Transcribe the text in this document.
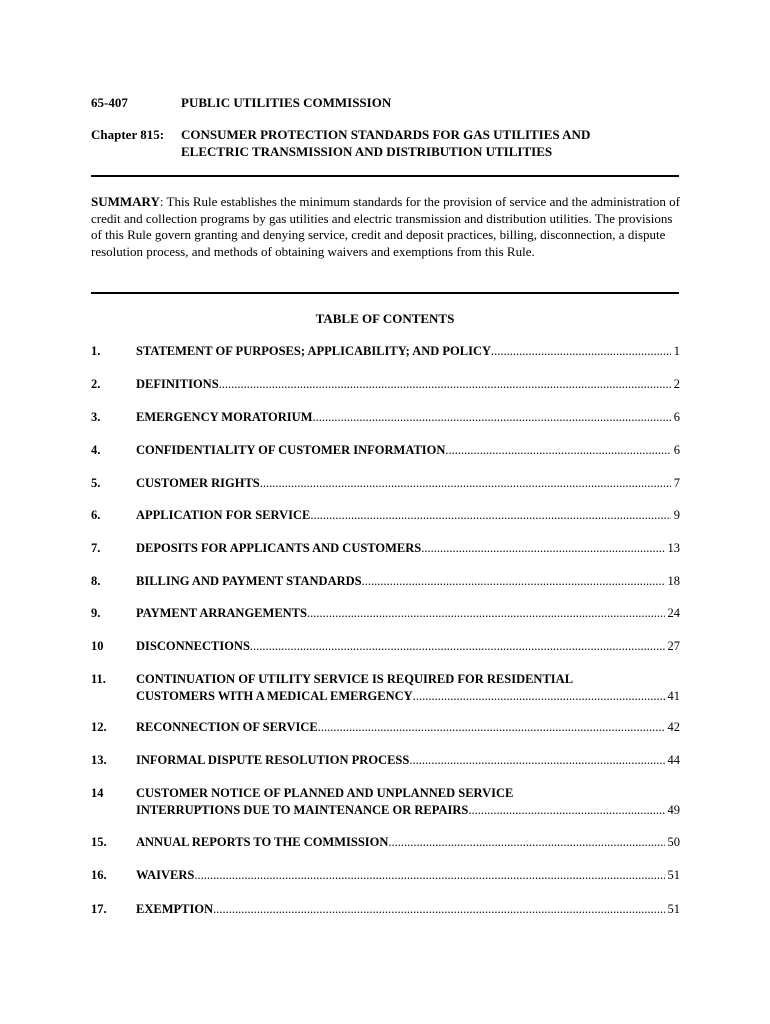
65-407	PUBLIC UTILITIES COMMISSION
Chapter 815: CONSUMER PROTECTION STANDARDS FOR GAS UTILITIES AND
ELECTRIC TRANSMISSION AND DISTRIBUTION UTILITIES
SUMMARY: This Rule establishes the minimum standards for the provision of service and the administration of credit and collection programs by gas utilities and electric transmission and distribution utilities. The provisions of this Rule govern granting and denying service, credit and deposit practices, billing, disconnection, a dispute resolution process, and methods of obtaining waivers and exemptions from this Rule.
TABLE OF CONTENTS
1.	STATEMENT OF PURPOSES; APPLICABILITY; AND POLICY .....	1
2.	DEFINITIONS .....	2
3.	EMERGENCY MORATORIUM .....	6
4.	CONFIDENTIALITY OF CUSTOMER INFORMATION .....	6
5.	CUSTOMER RIGHTS .....	7
6.	APPLICATION FOR SERVICE .....	9
7.	DEPOSITS FOR APPLICANTS AND CUSTOMERS .....	13
8.	BILLING AND PAYMENT STANDARDS .....	18
9.	PAYMENT ARRANGEMENTS .....	24
10	DISCONNECTIONS .....	27
11. CONTINUATION OF UTILITY SERVICE IS REQUIRED FOR RESIDENTIAL
CUSTOMERS WITH A MEDICAL EMERGENCY .....	41
12. RECONNECTION OF SERVICE .....	42
13. INFORMAL DISPUTE RESOLUTION PROCESS .....	44
14	CUSTOMER NOTICE OF PLANNED AND UNPLANNED SERVICE
INTERRUPTIONS DUE TO MAINTENANCE OR REPAIRS .....	49
15. ANNUAL REPORTS TO THE COMMISSION .....	50
16. WAIVERS .....	51
17. EXEMPTION .....	51
